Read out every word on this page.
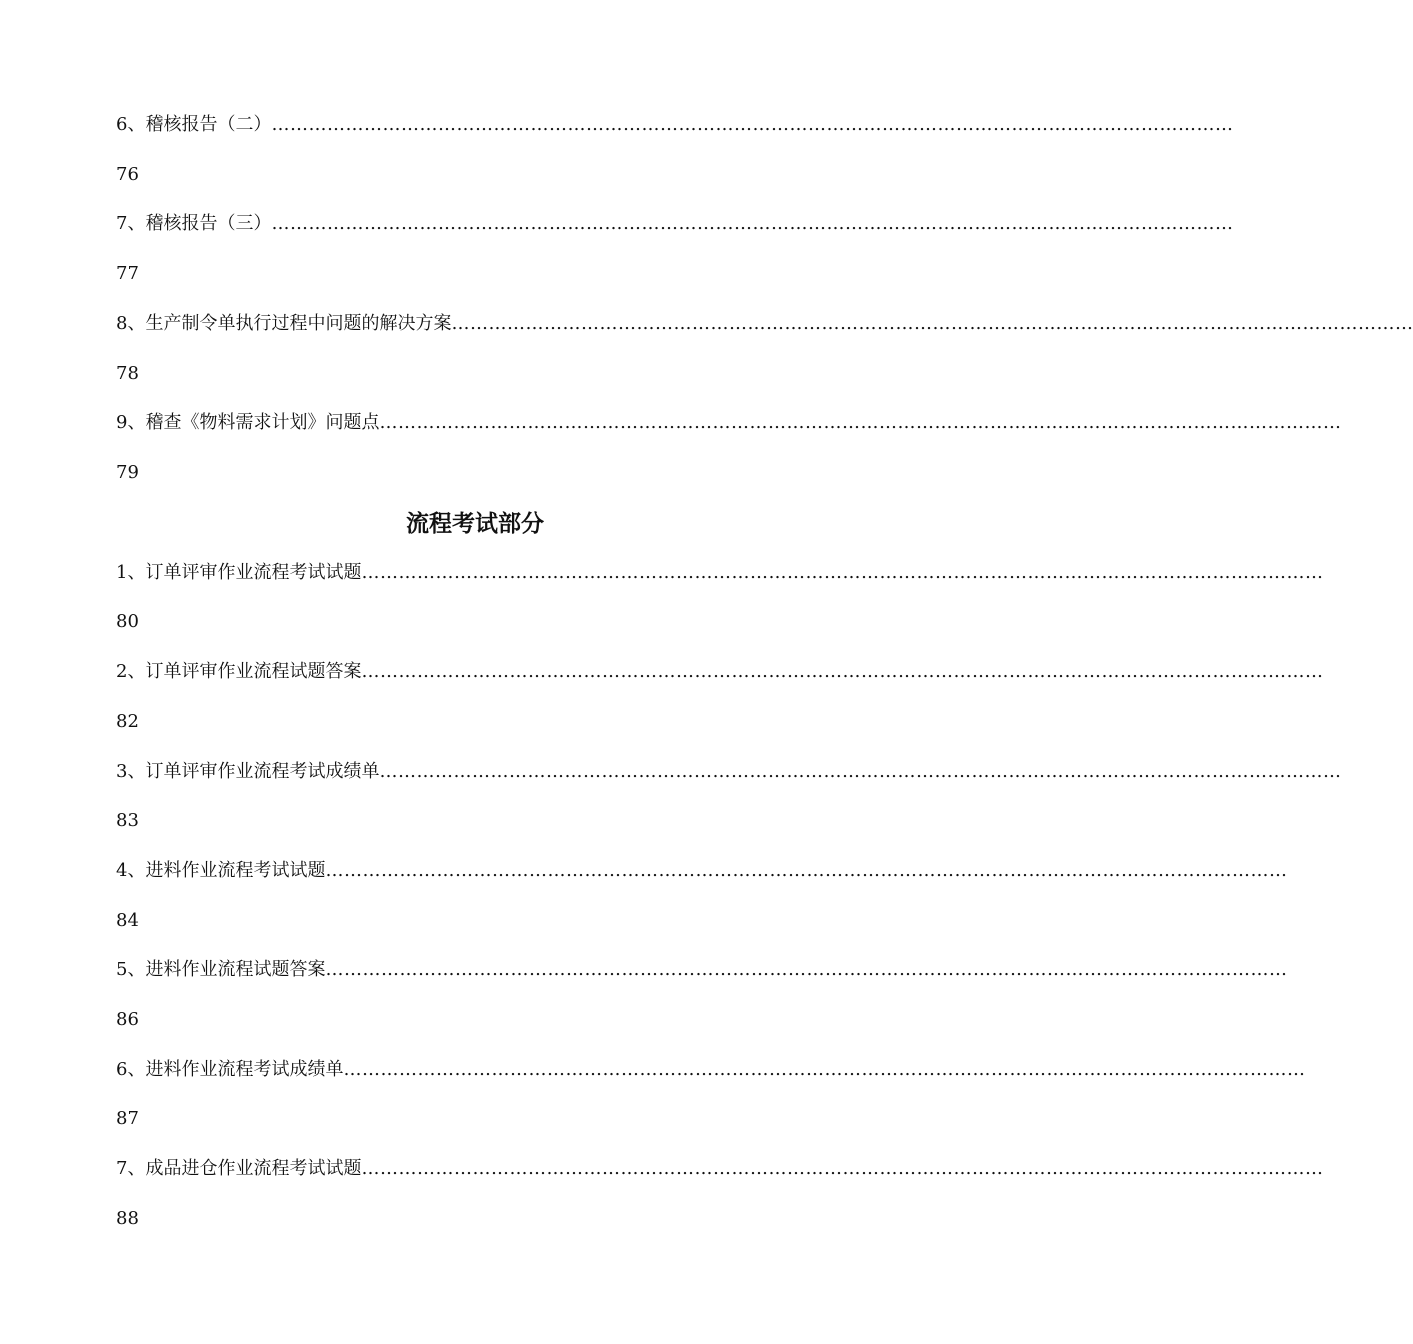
6、稽核报告（二） …………………………………………………………………………………………………………………………………………
76
7、稽核报告（三） …………………………………………………………………………………………………………………………………………
77
8、生产制令单执行过程中问题的解决方案 …………………………………………………………………………………………………………………………………………
78
9、稽查《物料需求计划》问题点 …………………………………………………………………………………………………………………………………………
79
流程考试部分
1、订单评审作业流程考试试题 …………………………………………………………………………………………………………………………………………
80
2、订单评审作业流程试题答案 …………………………………………………………………………………………………………………………………………
82
3、订单评审作业流程考试成绩单 …………………………………………………………………………………………………………………………………………
83
4、进料作业流程考试试题 …………………………………………………………………………………………………………………………………………
84
5、进料作业流程试题答案 …………………………………………………………………………………………………………………………………………
86
6、进料作业流程考试成绩单 …………………………………………………………………………………………………………………………………………
87
7、成品进仓作业流程考试试题 …………………………………………………………………………………………………………………………………………
88
